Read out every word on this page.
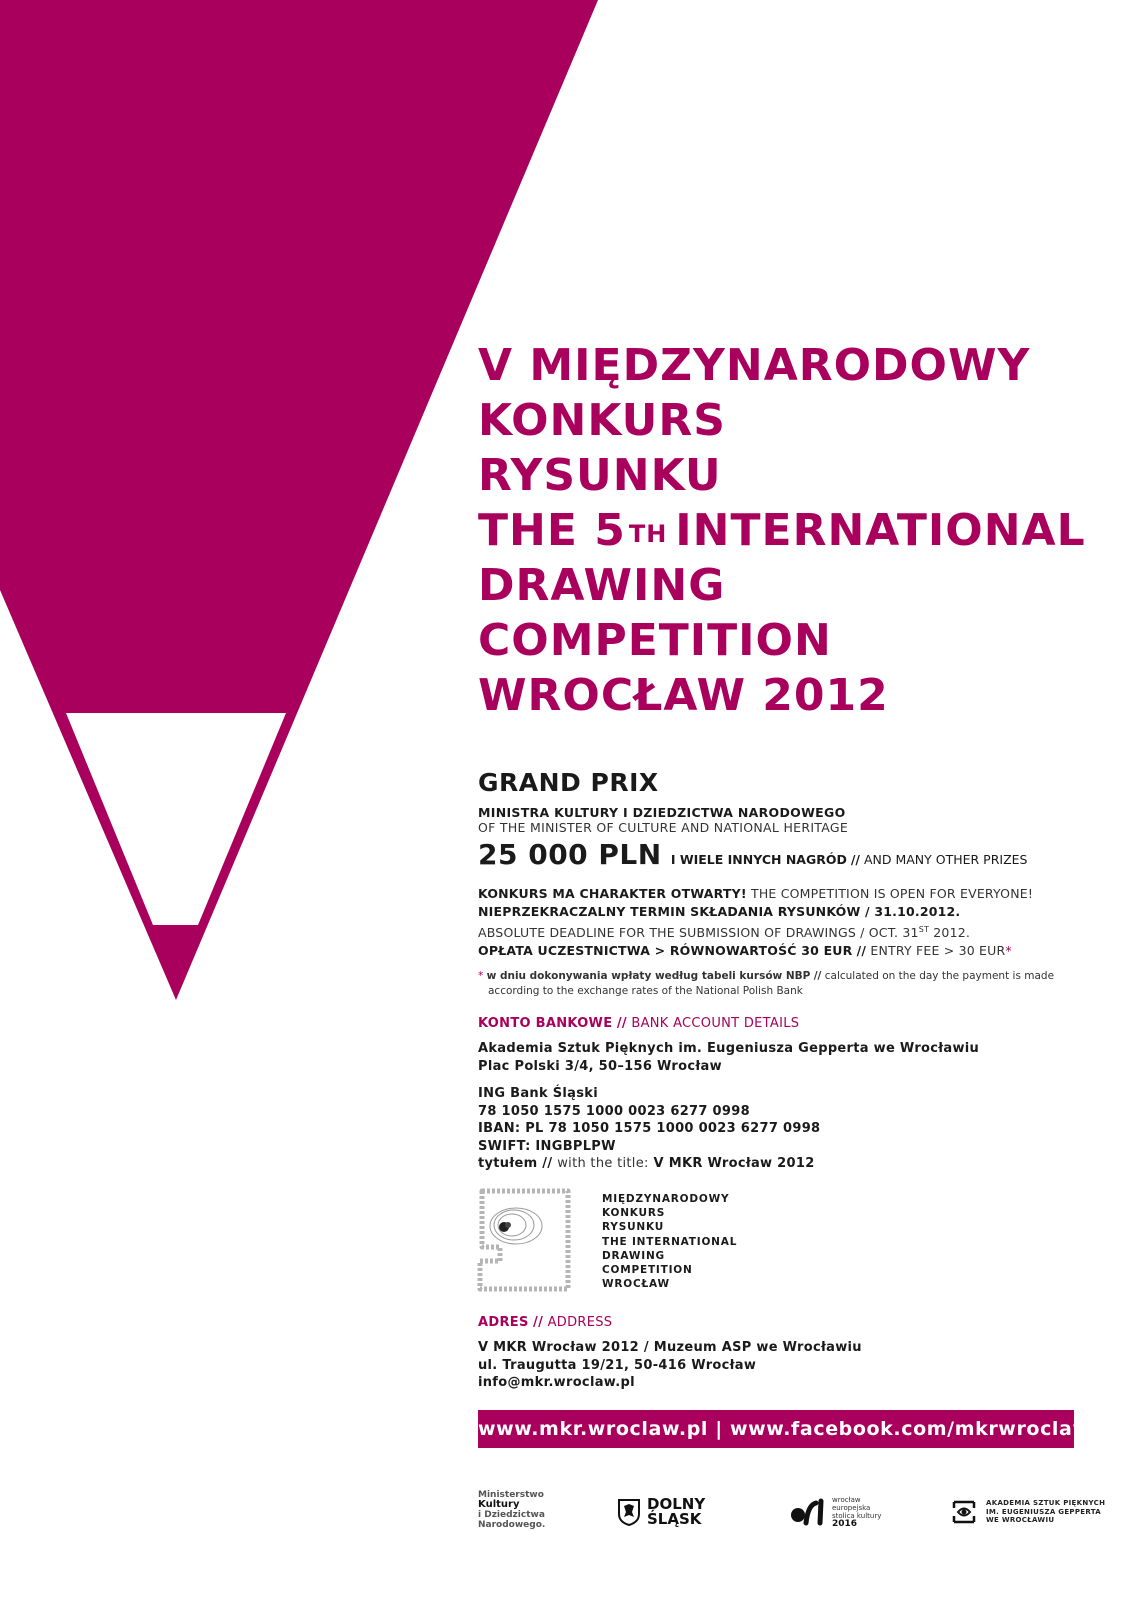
V MIĘDZYNARODOWY
KONKURS
RYSUNKU
THE 5 $^{TH}$ INTERNATIONAL
DRAWING
COMPETITION
WROCŁAW 2012
GRAND PRIX
MINISTRA KULTURY I DZIEDZICTWA NARODOWEGO
OF THE MINISTER OF CULTURE AND NATIONAL HERITAGE
25 000 PLN I WIELE INNYCH NAGRÓD // AND MANY OTHER PRIZES
KONKURS MA CHARAKTER OTWARTY! THE COMPETITION IS OPEN FOR EVERYONE!
NIEPRZEKRACZALNY TERMIN SKŁADANIA RYSUNKÓW / 31.10.2012.
ABSOLUTE DEADLINE FOR THE SUBMISSION OF DRAWINGS / OCT. 31ST 2012.
OPŁATA UCZESTNICTWA > RÓWNOWARTOŚĆ 30 EUR // ENTRY FEE > 30 EUR*
* w dniu dokonywania wpłaty według tabeli kursów NBP // calculated on the day the payment is made
according to the exchange rates of the National Polish Bank
KONTO BANKOWE // BANK ACCOUNT DETAILS
Akademia Sztuk Pięknych im. Eugeniusza Gepperta we Wrocławiu
Plac Polski 3/4, 50–156 Wrocław
ING Bank Śląski
78 1050 1575 1000 0023 6277 0998
IBAN: PL 78 1050 1575 1000 0023 6277 0998
SWIFT: INGBPLPW
tytułem // with the title: V MKR Wrocław 2012
MIĘDZYNARODOWY
KONKURS
RYSUNKU
THE INTERNATIONAL
DRAWING
COMPETITION
WROCŁAW
ADRES // ADDRESS
V MKR Wrocław 2012 / Muzeum ASP we Wrocławiu
ul. Traugutta 19/21, 50-416 Wrocław
info@mkr.wroclaw.pl
www.mkr.wroclaw.pl | www.facebook.com/mkrwroclaw
Ministerstwo
Kultury
i Dziedzictwa
Narodowego.
DOLNY
ŚLĄSK
wrocław
europejska
stolica kultury
2016
AKADEMIA SZTUK PIĘKNYCH
IM. EUGENIUSZA GEPPERTA
WE WROCŁAWIU
